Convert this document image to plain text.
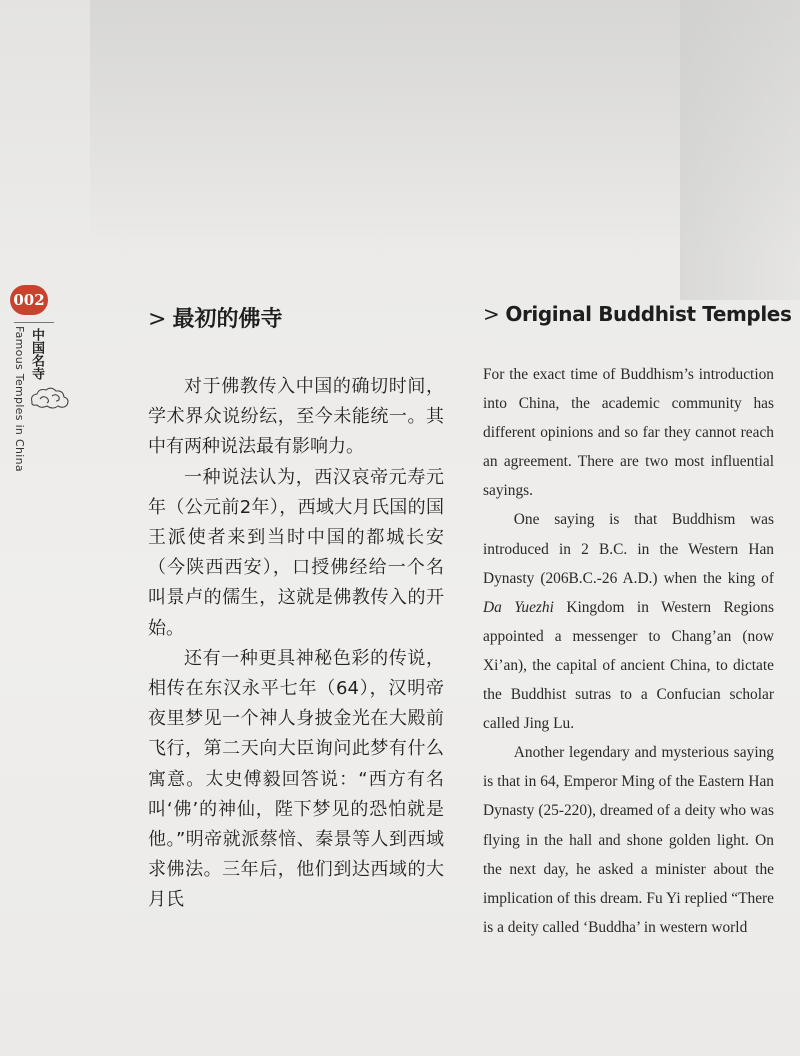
002
中国名寺
Famous Temples in China
> 最初的佛寺	> Original Buddhist Temples

对于佛教传入中国的确切时间，学术界众说纷纭，至今未能统一。其中有两种说法最有影响力。

一种说法认为，西汉哀帝元寿元年（公元前2年），西域大月氏国的国王派使者来到当时中国的都城长安（今陕西西安），口授佛经给一个名叫景卢的儒生，这就是佛教传入的开始。

还有一种更具神秘色彩的传说，相传在东汉永平七年（64），汉明帝夜里梦见一个神人身披金光在大殿前飞行，第二天向大臣询问此梦有什么寓意。太史傅毅回答说：“西方有名叫‘佛’的神仙，陛下梦见的恐怕就是他。”明帝就派蔡愔、秦景等人到西域求佛法。三年后，他们到达西域的大月氏

For the exact time of Buddhism’s introduction into China, the academic community has different opinions and so far they cannot reach an agreement. There are two most influential sayings.

One saying is that Buddhism was introduced in 2 B.C. in the Western Han Dynasty (206B.C.-26 A.D.) when the king of Da Yuezhi Kingdom in Western Regions appointed a messenger to Chang’an (now Xi’an), the capital of ancient China, to dictate the Buddhist sutras to a Confucian scholar called Jing Lu.

Another legendary and mysterious saying is that in 64, Emperor Ming of the Eastern Han Dynasty (25-220), dreamed of a deity who was flying in the hall and shone golden light. On the next day, he asked a minister about the implication of this dream. Fu Yi replied “There is a deity called ‘Buddha’ in western world
